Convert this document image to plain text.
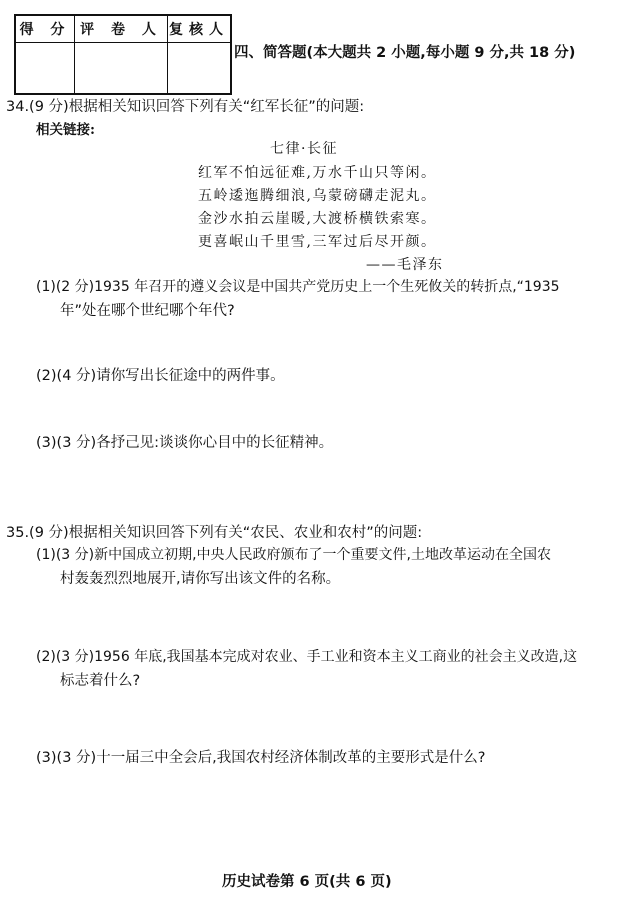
得 分	评 卷 人	复核人

四、简答题(本大题共 2 小题,每小题 9 分,共 18 分)
34.(9 分)根据相关知识回答下列有关“红军长征”的问题:
相关链接:
七律·长征
红军不怕远征难,万水千山只等闲。
五岭逶迤腾细浪,乌蒙磅礴走泥丸。
金沙水拍云崖暖,大渡桥横铁索寒。
更喜岷山千里雪,三军过后尽开颜。
——毛泽东
(1)(2 分)1935 年召开的遵义会议是中国共产党历史上一个生死攸关的转折点,“1935
年”处在哪个世纪哪个年代?
(2)(4 分)请你写出长征途中的两件事。
(3)(3 分)各抒己见:谈谈你心目中的长征精神。
35.(9 分)根据相关知识回答下列有关“农民、农业和农村”的问题:
(1)(3 分)新中国成立初期,中央人民政府颁布了一个重要文件,土地改革运动在全国农
村轰轰烈烈地展开,请你写出该文件的名称。
(2)(3 分)1956 年底,我国基本完成对农业、手工业和资本主义工商业的社会主义改造,这
标志着什么?
(3)(3 分)十一届三中全会后,我国农村经济体制改革的主要形式是什么?
历史试卷第 6 页(共 6 页)
